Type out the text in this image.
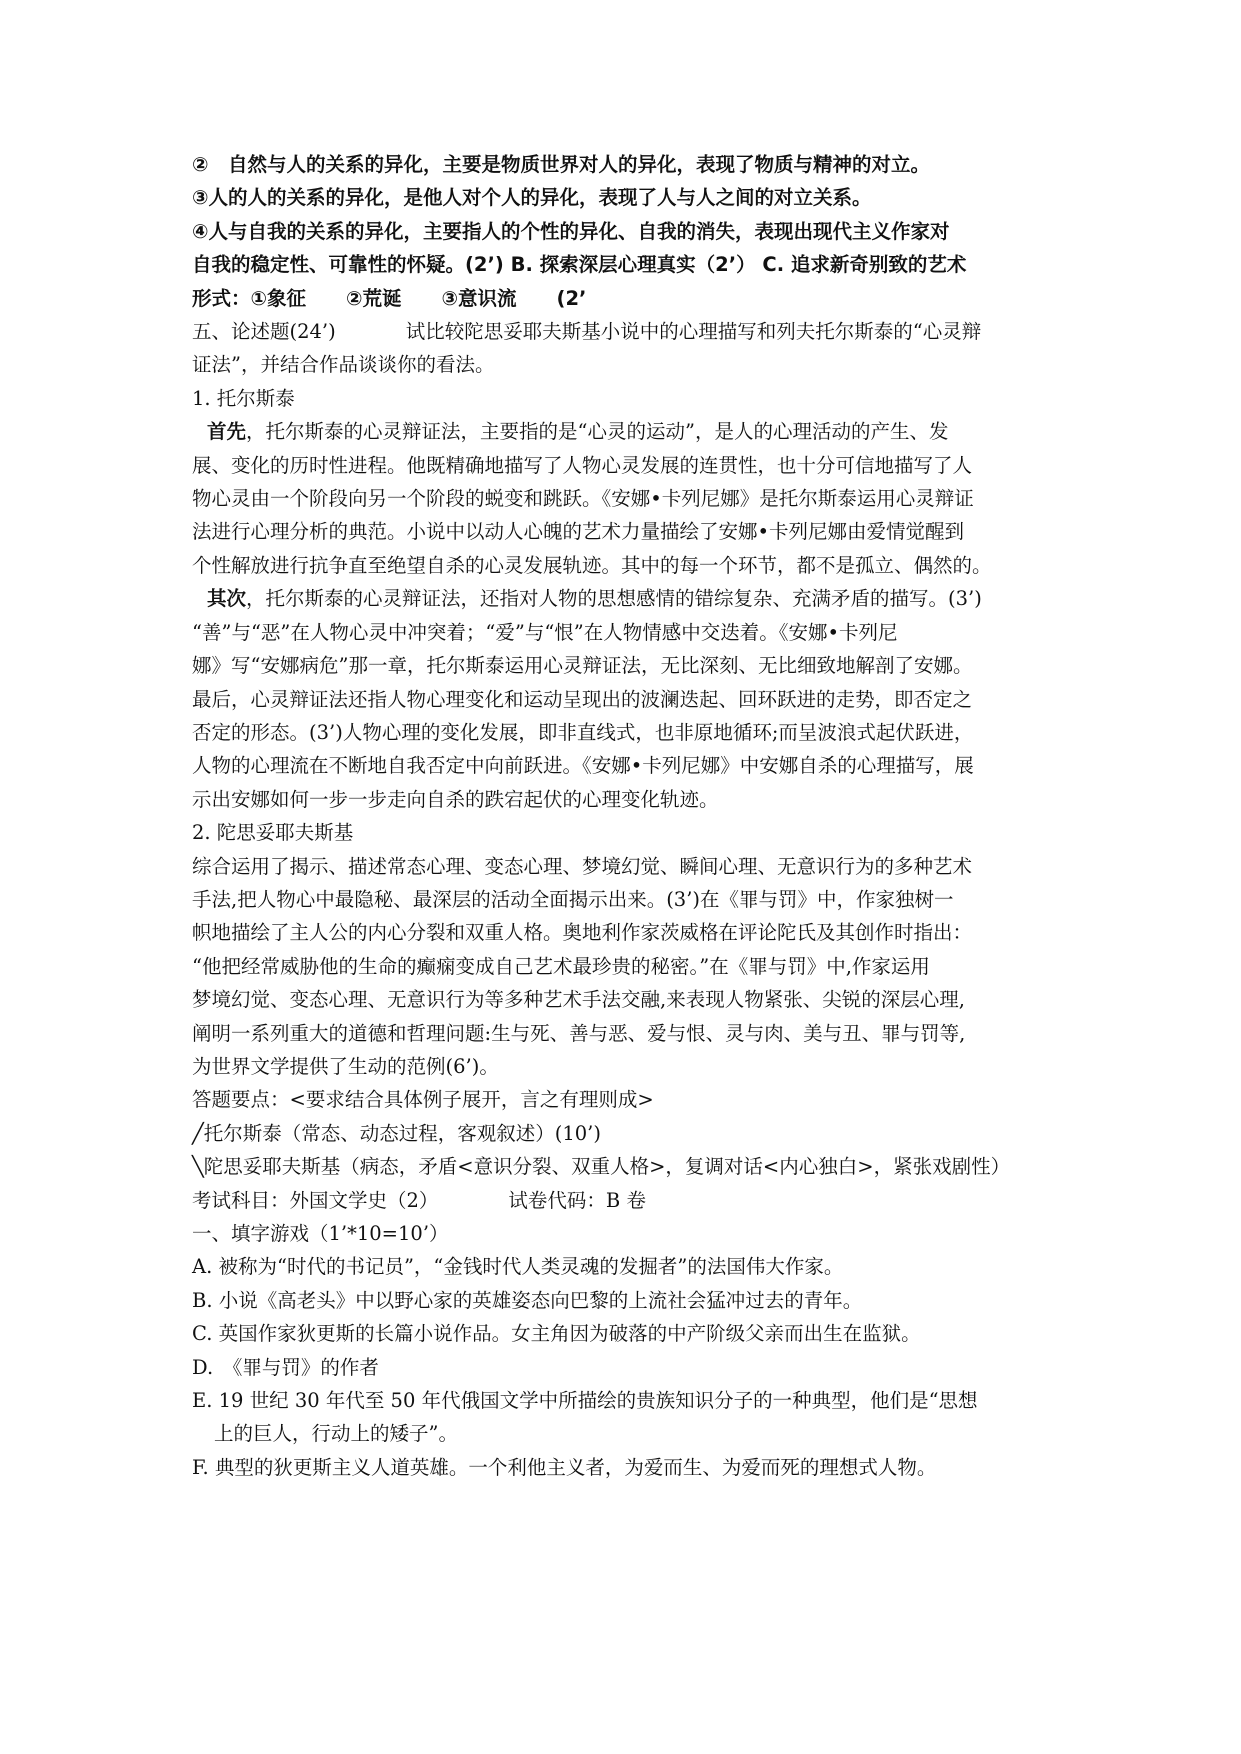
②　自然与人的关系的异化，主要是物质世界对人的异化，表现了物质与精神的对立。

③人的人的关系的异化，是他人对个人的异化，表现了人与人之间的对立关系。

④人与自我的关系的异化，主要指人的个性的异化、自我的消失，表现出现代主义作家对

自我的稳定性、可靠性的怀疑。(2’) B. 探索深层心理真实（2’） C. 追求新奇别致的艺术

形式：①象征 ②荒诞 ③意识流 (2’

五、论述题(24’)	试比较陀思妥耶夫斯基小说中的心理描写和列夫托尔斯泰的“心灵辩

证法”，并结合作品谈谈你的看法。

1. 托尔斯泰

首先，托尔斯泰的心灵辩证法，主要指的是“心灵的运动”，是人的心理活动的产生、发

展、变化的历时性进程。他既精确地描写了人物心灵发展的连贯性，也十分可信地描写了人

物心灵由一个阶段向另一个阶段的蜕变和跳跃。《安娜•卡列尼娜》是托尔斯泰运用心灵辩证

法进行心理分析的典范。小说中以动人心魄的艺术力量描绘了安娜•卡列尼娜由爱情觉醒到

个性解放进行抗争直至绝望自杀的心灵发展轨迹。其中的每一个环节，都不是孤立、偶然的。

其次，托尔斯泰的心灵辩证法，还指对人物的思想感情的错综复杂、充满矛盾的描写。(3’)

“善”与“恶”在人物心灵中冲突着；“爱”与“恨”在人物情感中交迭着。《安娜•卡列尼

娜》写“安娜病危”那一章，托尔斯泰运用心灵辩证法，无比深刻、无比细致地解剖了安娜。

最后，心灵辩证法还指人物心理变化和运动呈现出的波澜迭起、回环跃进的走势，即否定之

否定的形态。(3’)人物心理的变化发展，即非直线式，也非原地循环;而呈波浪式起伏跃进，

人物的心理流在不断地自我否定中向前跃进。《安娜•卡列尼娜》中安娜自杀的心理描写，展

示出安娜如何一步一步走向自杀的跌宕起伏的心理变化轨迹。

2. 陀思妥耶夫斯基

综合运用了揭示、描述常态心理、变态心理、梦境幻觉、瞬间心理、无意识行为的多种艺术

手法,把人物心中最隐秘、最深层的活动全面揭示出来。(3’)在《罪与罚》中，作家独树一

帜地描绘了主人公的内心分裂和双重人格。奥地利作家茨威格在评论陀氏及其创作时指出：

“他把经常威胁他的生命的癫痫变成自己艺术最珍贵的秘密。”在《罪与罚》中,作家运用

梦境幻觉、变态心理、无意识行为等多种艺术手法交融,来表现人物紧张、尖锐的深层心理,

阐明一系列重大的道德和哲理问题:生与死、善与恶、爱与恨、灵与肉、美与丑、罪与罚等,

为世界文学提供了生动的范例(6’)。

答题要点：<要求结合具体例子展开，言之有理则成>

╱托尔斯泰（常态、动态过程，客观叙述）(10’)

╲陀思妥耶夫斯基（病态，矛盾<意识分裂、双重人格>，复调对话<内心独白>，紧张戏剧性）

考试科目：外国文学史（2）	试卷代码：B 卷

一、填字游戏（1’*10=10’）

A. 被称为“时代的书记员”，“金钱时代人类灵魂的发掘者”的法国伟大作家。

B. 小说《高老头》中以野心家的英雄姿态向巴黎的上流社会猛冲过去的青年。

C. 英国作家狄更斯的长篇小说作品。女主角因为破落的中产阶级父亲而出生在监狱。

D.　《罪与罚》的作者

E. 19 世纪 30 年代至 50 年代俄国文学中所描绘的贵族知识分子的一种典型，他们是“思想

上的巨人，行动上的矮子”。

F. 典型的狄更斯主义人道英雄。一个利他主义者，为爱而生、为爱而死的理想式人物。
